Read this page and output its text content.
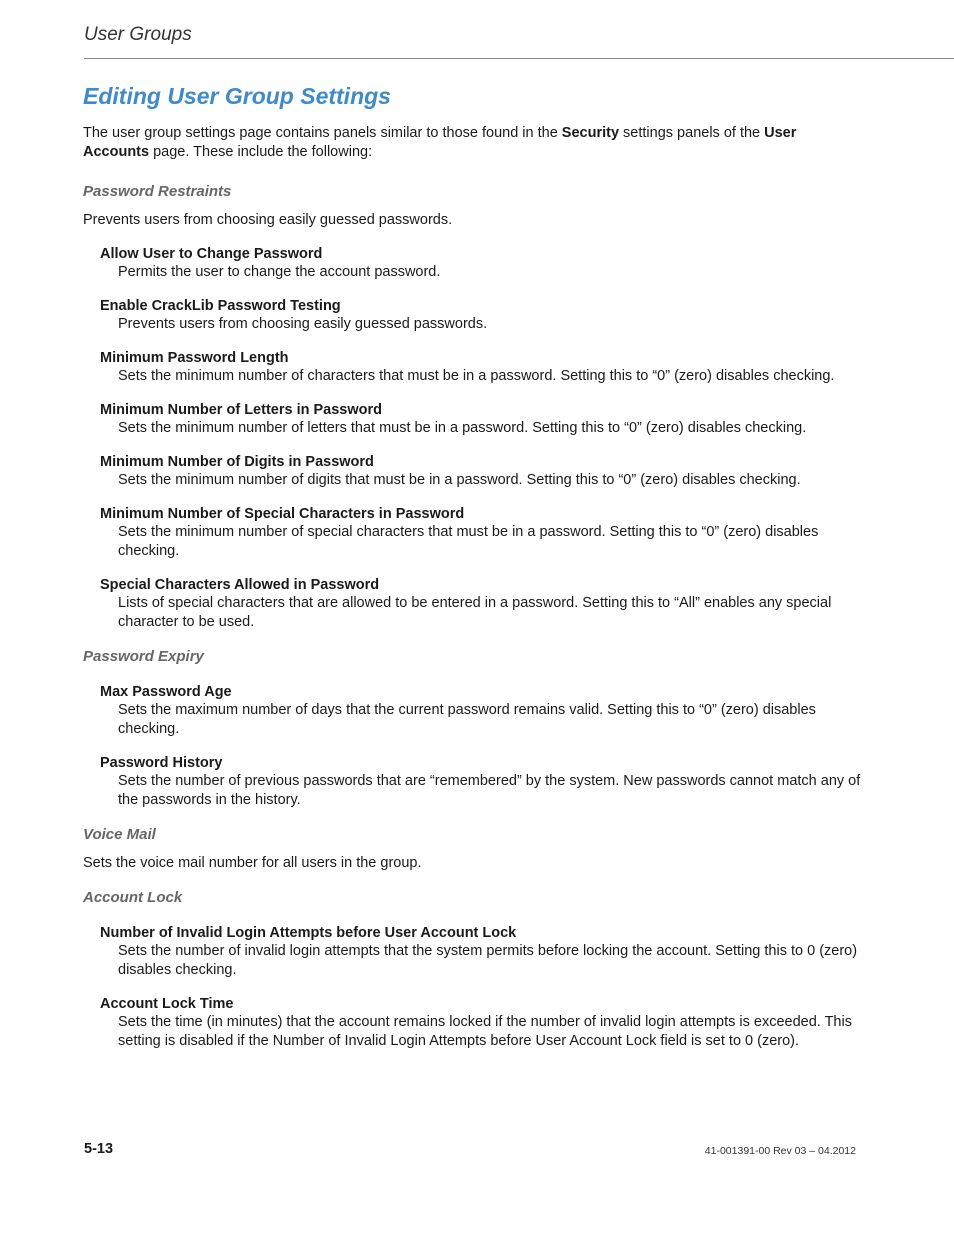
User Groups
Editing User Group Settings

The user group settings page contains panels similar to those found in the Security settings panels of the User Accounts page. These include the following:

Password Restraints

Prevents users from choosing easily guessed passwords.

Allow User to Change Password
Permits the user to change the account password.
Enable CrackLib Password Testing
Prevents users from choosing easily guessed passwords.
Minimum Password Length
Sets the minimum number of characters that must be in a password. Setting this to “0” (zero) disables checking.
Minimum Number of Letters in Password
Sets the minimum number of letters that must be in a password. Setting this to “0” (zero) disables checking.
Minimum Number of Digits in Password
Sets the minimum number of digits that must be in a password. Setting this to “0” (zero) disables checking.
Minimum Number of Special Characters in Password
Sets the minimum number of special characters that must be in a password. Setting this to “0” (zero) disables checking.
Special Characters Allowed in Password
Lists of special characters that are allowed to be entered in a password. Setting this to “All” enables any special character to be used.
Password Expiry
Max Password Age
Sets the maximum number of days that the current password remains valid. Setting this to “0” (zero) disables checking.
Password History
Sets the number of previous passwords that are “remembered” by the system. New passwords cannot match any of the passwords in the history.
Voice Mail

Sets the voice mail number for all users in the group.

Account Lock
Number of Invalid Login Attempts before User Account Lock
Sets the number of invalid login attempts that the system permits before locking the account. Setting this to 0 (zero) disables checking.
Account Lock Time
Sets the time (in minutes) that the account remains locked if the number of invalid login attempts is exceeded. This setting is disabled if the Number of Invalid Login Attempts before User Account Lock field is set to 0 (zero).
5-13	41-001391-00 Rev 03 – 04.2012
